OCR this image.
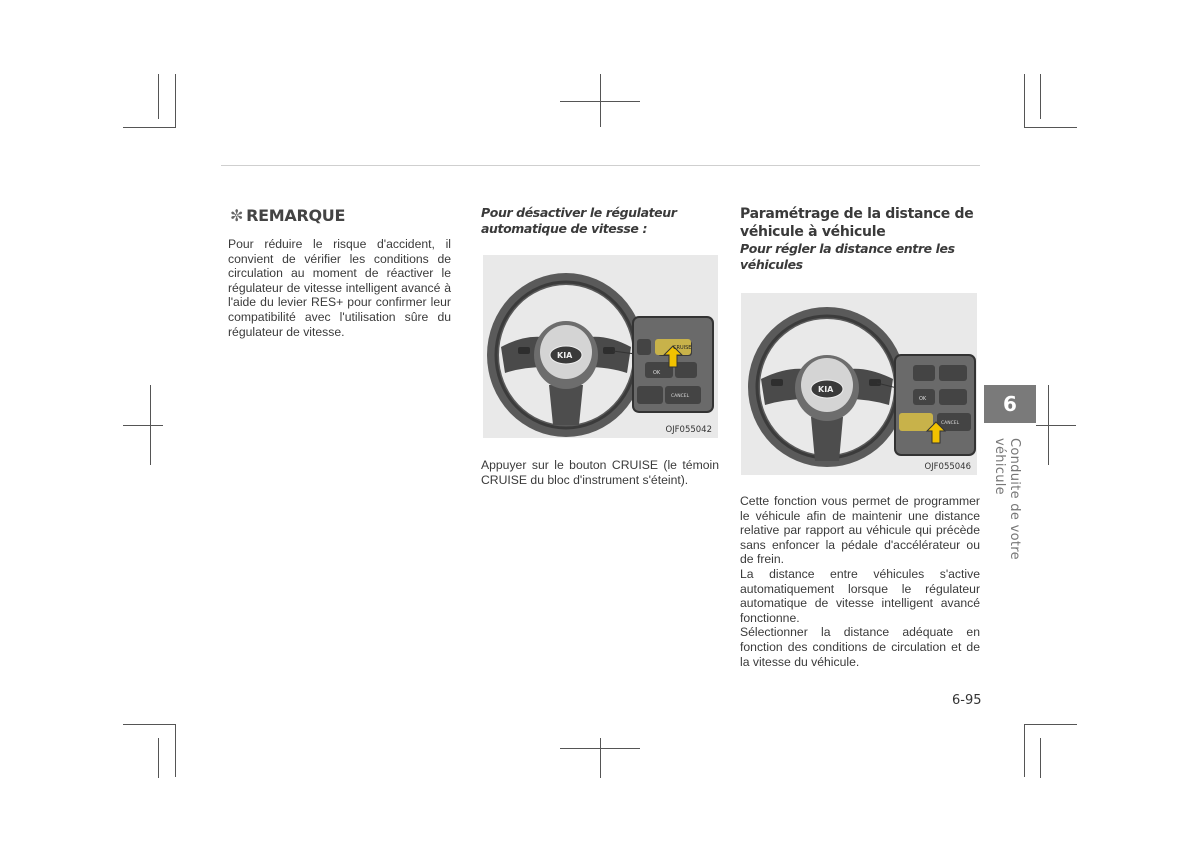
✼ REMARQUE

Pour réduire le risque d'accident, il convient de vérifier les conditions de circulation au moment de réactiver le régulateur de vitesse intelligent avancé à l'aide du levier RES+ pour confirmer leur compatibilité avec l'utilisation sûre du régulateur de vitesse.

Pour désactiver le régulateur automatique de vitesse :

CRUISE
OK
CANCEL
KIA
OJF055042

Appuyer sur le bouton CRUISE (le témoin CRUISE du bloc d'instrument s'éteint).

Paramétrage de la distance de véhicule à véhicule

Pour régler la distance entre les véhicules

CANCEL
OK
KIA
OJF055046

Cette fonction vous permet de programmer le véhicule afin de maintenir une distance relative par rapport au véhicule qui précède sans enfoncer la pédale d'accélérateur ou de frein.

La distance entre véhicules s'active automatiquement lorsque le régulateur automatique de vitesse intelligent avancé fonctionne.

Sélectionner la distance adéquate en fonction des conditions de circulation et de la vitesse du véhicule.

6
Conduite de votre véhicule
6-95
